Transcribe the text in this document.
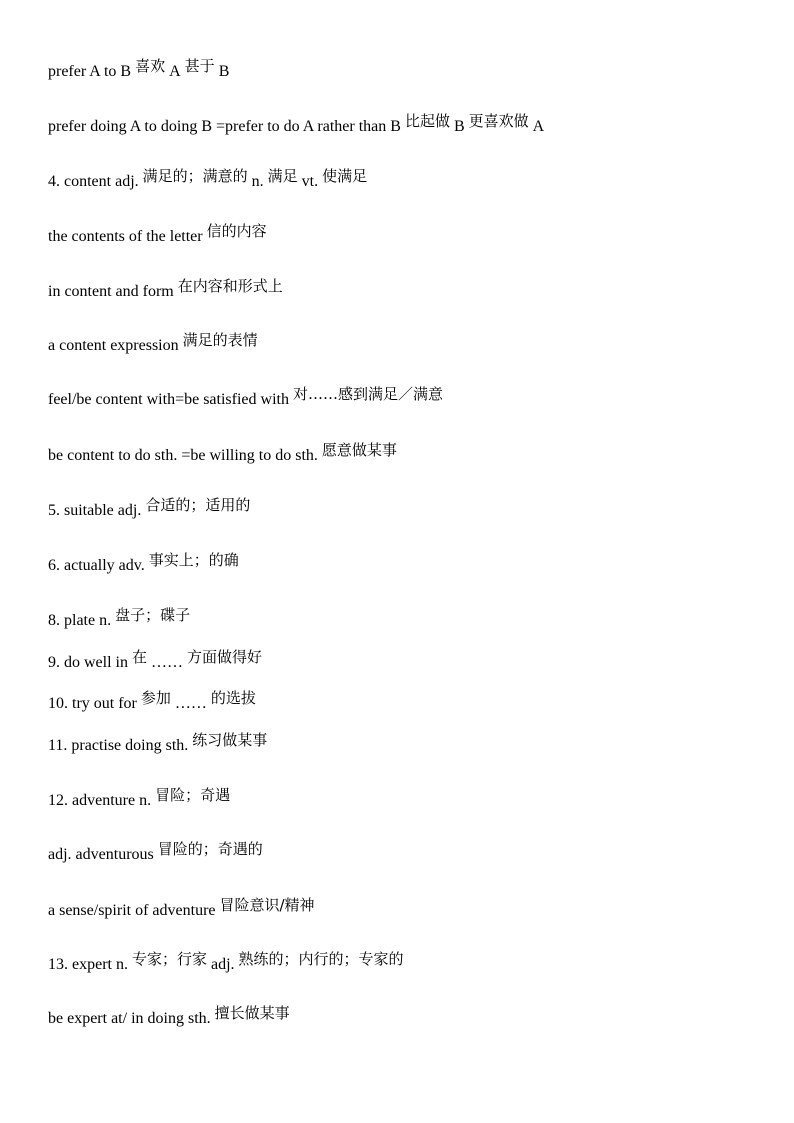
prefer A to B 喜欢 A 甚于 B
prefer doing A to doing B =prefer to do A rather than B 比起做 B 更喜欢做 A
4. content adj. 满足的；满意的 n. 满足 vt. 使满足
the contents of the letter 信的内容
in content and form 在内容和形式上
a content expression 满足的表情
feel/be content with=be satisfied with 对……感到满足／满意
be content to do sth. =be willing to do sth. 愿意做某事
5. suitable adj. 合适的；适用的
6. actually adv. 事实上；的确
8. plate n. 盘子；碟子
9. do well in 在 …… 方面做得好
10. try out for 参加 …… 的选拔
11. practise doing sth. 练习做某事
12. adventure n. 冒险；奇遇
adj. adventurous 冒险的；奇遇的
a sense/spirit of adventure 冒险意识/精神
13. expert n. 专家；行家 adj. 熟练的；内行的；专家的
be expert at/ in doing sth. 擅长做某事
